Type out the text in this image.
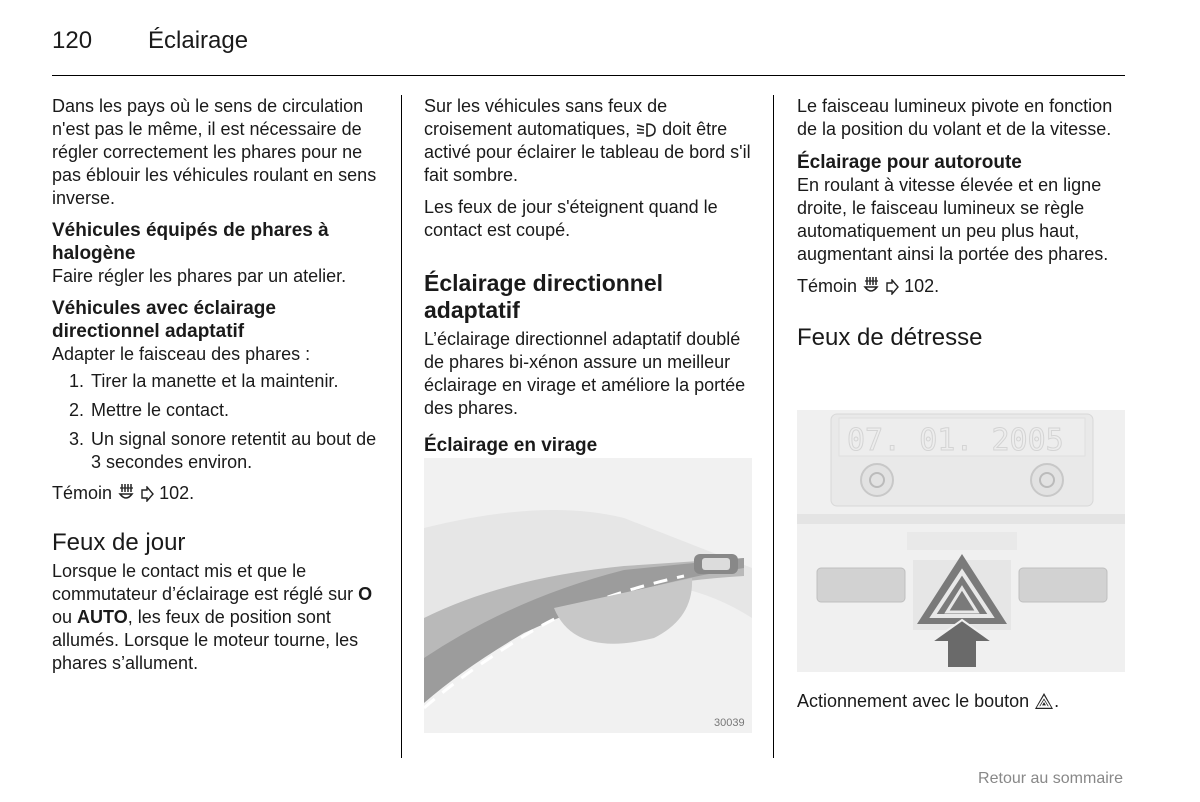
120	Éclairage

Dans les pays où le sens de circulation n'est pas le même, il est nécessaire de régler correctement les phares pour ne pas éblouir les véhicules roulant en sens inverse.

Véhicules équipés de phares à halogène

Faire régler les phares par un atelier.

Véhicules avec éclairage directionnel adaptatif

Adapter le faisceau des phares :

1. Tirer la manette et la maintenir.
2. Mettre le contact.
3. Un signal sonore retentit au bout de 3 secondes environ.

Témoin	102.

Feux de jour

Lorsque le contact mis et que le commutateur d’éclairage est réglé sur O
ou AUTO, les feux de position sont allumés. Lorsque le moteur tourne, les phares s’allument.

Sur les véhicules sans feux de croisement automatiques, doit être activé pour éclairer le tableau de bord s'il fait sombre.

Les feux de jour s'éteignent quand le contact est coupé.

Éclairage directionnel adaptatif

L’éclairage directionnel adaptatif doublé de phares bi-xénon assure un meilleur éclairage en virage et améliore la portée des phares.

Éclairage en virage
30039

Le faisceau lumineux pivote en fonction de la position du volant et de la vitesse.

Éclairage pour autoroute

En roulant à vitesse élevée et en ligne droite, le faisceau lumineux se règle automatiquement un peu plus haut, augmentant ainsi la portée des phares.

Témoin	102.

Feux de détresse
07. 01. 2005

Actionnement avec le bouton .

Retour au sommaire
